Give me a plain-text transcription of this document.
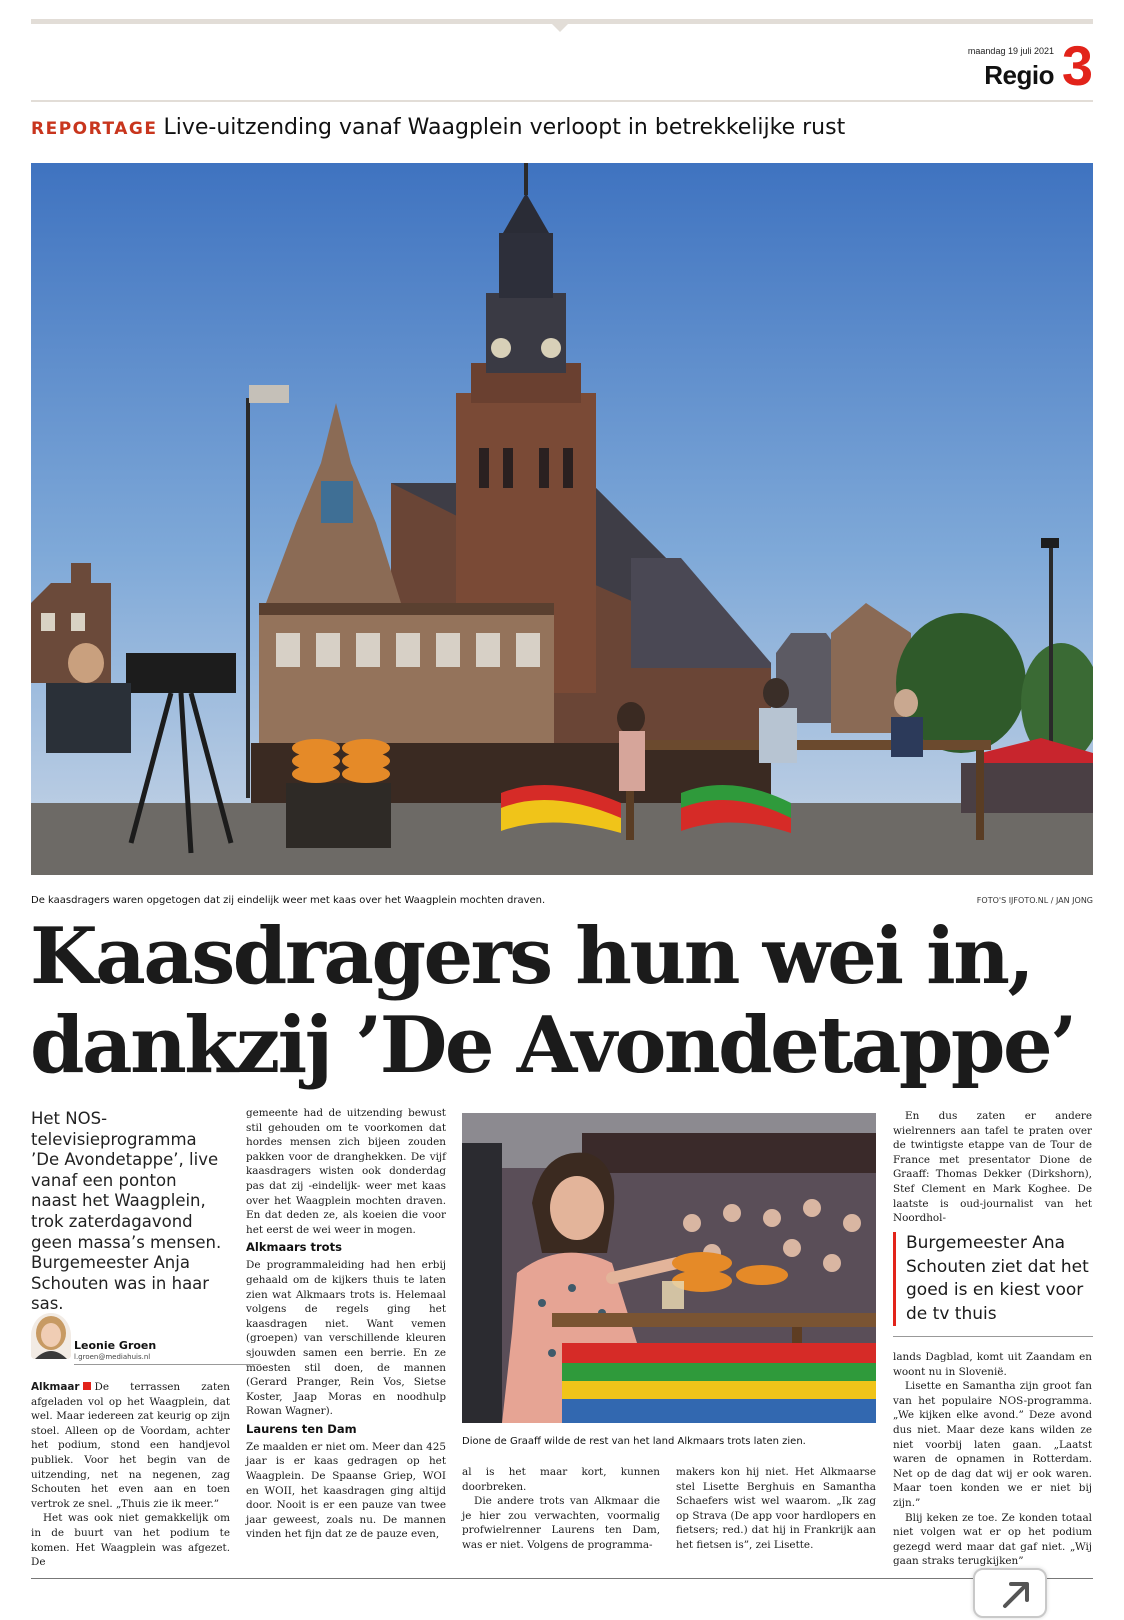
maandag 19 juli 2021
Regio 3
REPORTAGE Live-uitzending vanaf Waagplein verloopt in betrekkelijke rust
De kaasdragers waren opgetogen dat zij eindelijk weer met kaas over het Waagplein mochten draven.	FOTO'S IJFOTO.NL / JAN JONG
Kaasdragers hun wei in,
dankzij ’De Avondetappe’
Het NOS-televisieprogramma ’De Avondetappe’, live vanaf een ponton naast het Waagplein, trok zaterdagavond geen massa’s mensen. Burgemeester Anja Schouten was in haar sas.
Leonie Groen
l.groen@mediahuis.nl

Alkmaar De terrassen zaten afgeladen vol op het Waagplein, dat wel. Maar iedereen zat keurig op zijn stoel. Alleen op de Voordam, achter het podium, stond een handjevol publiek. Voor het begin van de uitzending, net na negenen, zag Schouten het even aan en toen vertrok ze snel. „Thuis zie ik meer.”

Het was ook niet gemakkelijk om in de buurt van het podium te komen. Het Waagplein was afgezet. De

gemeente had de uitzending bewust stil gehouden om te voorkomen dat hordes mensen zich bijeen zouden pakken voor de dranghekken. De vijf kaasdragers wisten ook donderdag pas dat zij -eindelijk- weer met kaas over het Waagplein mochten draven. En dat deden ze, als koeien die voor het eerst de wei weer in mogen.

Alkmaars trots

De programmaleiding had hen erbij gehaald om de kijkers thuis te laten zien wat Alkmaars trots is. Helemaal volgens de regels ging het kaasdragen niet. Want vemen (groepen) van verschillende kleuren sjouwden samen een berrie. En ze moesten stil doen, de mannen (Gerard Pranger, Rein Vos, Sietse Koster, Jaap Moras en noodhulp Rowan Wagner).

Laurens ten Dam

Ze maalden er niet om. Meer dan 425 jaar is er kaas gedragen op het Waagplein. De Spaanse Griep, WOI en WOII, het kaasdragen ging altijd door. Nooit is er een pauze van twee jaar geweest, zoals nu. De mannen vinden het fijn dat ze de pauze even,

Dione de Graaff wilde de rest van het land Alkmaars trots laten zien.

al is het maar kort, kunnen doorbreken.

Die andere trots van Alkmaar die je hier zou verwachten, voormalig profwielrenner Laurens ten Dam, was er niet. Volgens de programma-

makers kon hij niet. Het Alkmaarse stel Lisette Berghuis en Samantha Schaefers wist wel waarom. „Ik zag op Strava (De app voor hardlopers en fietsers; red.) dat hij in Frankrijk aan het fietsen is”, zei Lisette.

En dus zaten er andere wielrenners aan tafel te praten over de twintigste etappe van de Tour de France met presentator Dione de Graaff: Thomas Dekker (Dirkshorn), Stef Clement en Mark Koghee. De laatste is oud-journalist van het Noordhol-

Burgemeester Ana Schouten ziet dat het goed is en kiest voor de tv thuis

lands Dagblad, komt uit Zaandam en woont nu in Slovenië.

Lisette en Samantha zijn groot fan van het populaire NOS-programma. „We kijken elke avond.” Deze avond dus niet. Maar deze kans wilden ze niet voorbij laten gaan. „Laatst waren de opnamen in Rotterdam. Net op de dag dat wij er ook waren. Maar toen konden we er niet bij zijn.”

Blij keken ze toe. Ze konden totaal niet volgen wat er op het podium gezegd werd maar dat gaf niet. „Wij gaan straks terugkijken”
